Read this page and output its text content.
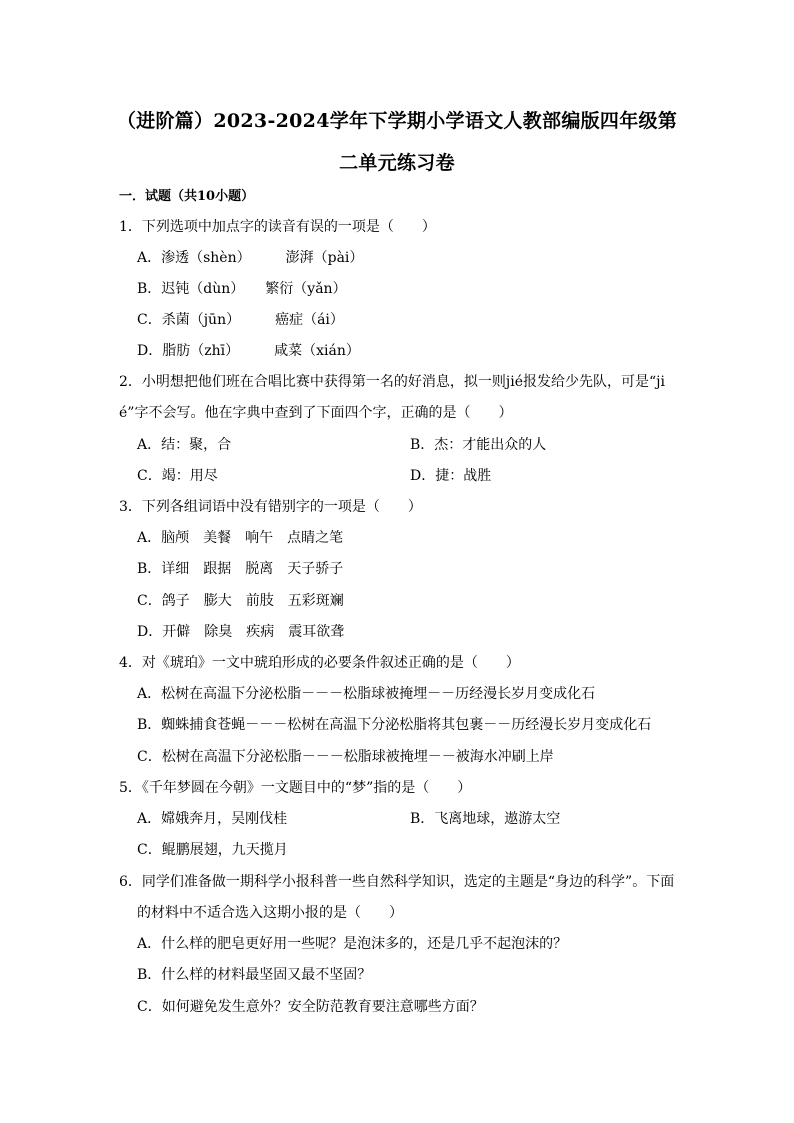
（进阶篇）2023-2024学年下学期小学语文人教部编版四年级第
二单元练习卷
一．试题（共10小题）
1．下列选项中加点字的读音有误的一项是（　　）
A．渗透（shèn）　　　澎湃（pài）
B．迟钝（dùn）　　繁衍（yǎn）
C．杀菌（jūn）　　　癌症（ái）
D．脂肪（zhī）　　　咸菜（xián）
2．小明想把他们班在合唱比赛中获得第一名的好消息，拟一则jié报发给少先队，可是“ji
é”字不会写。他在字典中查到了下面四个字，正确的是（　　）
A．结：聚，合	B．杰：才能出众的人
C．竭：用尽	D．捷：战胜
3．下列各组词语中没有错别字的一项是（　　）
A．脑颅　美餐　响午　点睛之笔
B．详细　跟据　脱离　天子骄子
C．鸽子　膨大　前肢　五彩斑斓
D．开僻　除臭　疾病　震耳欲聋
4．对《琥珀》一文中琥珀形成的必要条件叙述正确的是（　　）
A．松树在高温下分泌松脂－－－松脂球被掩埋－－历经漫长岁月变成化石
B．蜘蛛捕食苍蝇－－－松树在高温下分泌松脂将其包裹－－历经漫长岁月变成化石
C．松树在高温下分泌松脂－－－松脂球被掩埋－－被海水冲刷上岸
5．《千年梦圆在今朝》一文题目中的“梦”指的是（　　）
A．嫦娥奔月，吴刚伐桂	B．飞离地球，遨游太空
C．鲲鹏展翅，九天揽月
6．同学们准备做一期科学小报科普一些自然科学知识，选定的主题是“身边的科学”。下面
的材料中不适合选入这期小报的是（　　）
A．什么样的肥皂更好用一些呢？是泡沫多的，还是几乎不起泡沫的？
B．什么样的材料最坚固又最不坚固？
C．如何避免发生意外？安全防范教育要注意哪些方面？
